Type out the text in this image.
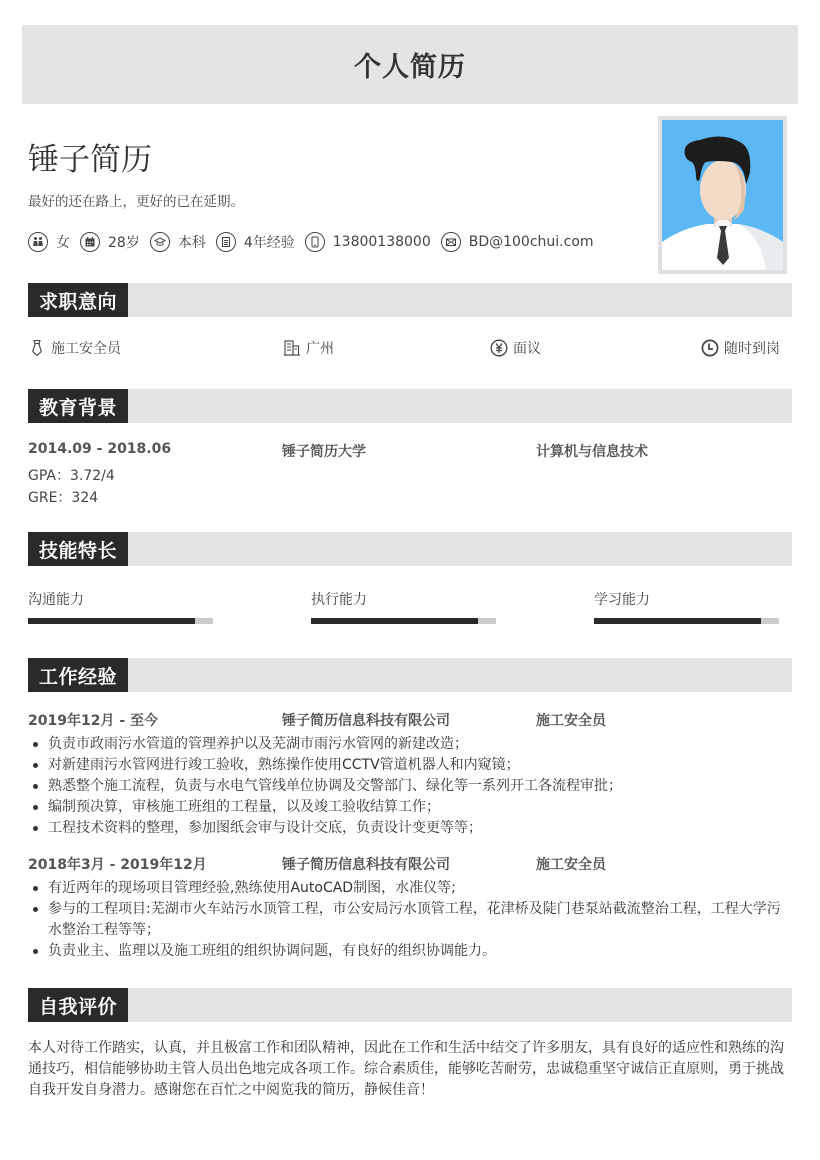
个人简历
锤子简历
最好的还在路上，更好的已在延期。
女	28岁	本科	4年经验	13800138000	BD@100chui.com
求职意向
施工安全员	广州	面议	随时到岗
教育背景
2014.09 - 2018.06	锤子简历大学	计算机与信息技术
GPA：3.72/4
GRE：324
技能特长
沟通能力	执行能力	学习能力
工作经验
2019年12月 - 至今	锤子简历信息科技有限公司	施工安全员
负责市政雨污水管道的管理养护以及芜湖市雨污水管网的新建改造；
对新建雨污水管网进行竣工验收，熟练操作使用CCTV管道机器人和内窥镜；
熟悉整个施工流程，负责与水电气管线单位协调及交警部门、绿化等一系列开工各流程审批；
编制预决算，审核施工班组的工程量，以及竣工验收结算工作；
工程技术资料的整理，参加图纸会审与设计交底，负责设计变更等等；
2018年3月 - 2019年12月	锤子简历信息科技有限公司	施工安全员
有近两年的现场项目管理经验,熟练使用AutoCAD制图，水准仪等;
参与的工程项目:芜湖市火车站污水顶管工程，市公安局污水顶管工程，花津桥及陡门巷泵站截流整治工程，工程大学污水整治工程等等；
负责业主、监理以及施工班组的组织协调问题，有良好的组织协调能力。
自我评价

本人对待工作踏实，认真，并且极富工作和团队精神，因此在工作和生活中结交了许多朋友，具有良好的适应性和熟练的沟通技巧，相信能够协助主管人员出色地完成各项工作。综合素质佳，能够吃苦耐劳，忠诚稳重坚守诚信正直原则，勇于挑战自我开发自身潜力。感谢您在百忙之中阅览我的简历，静候佳音！
